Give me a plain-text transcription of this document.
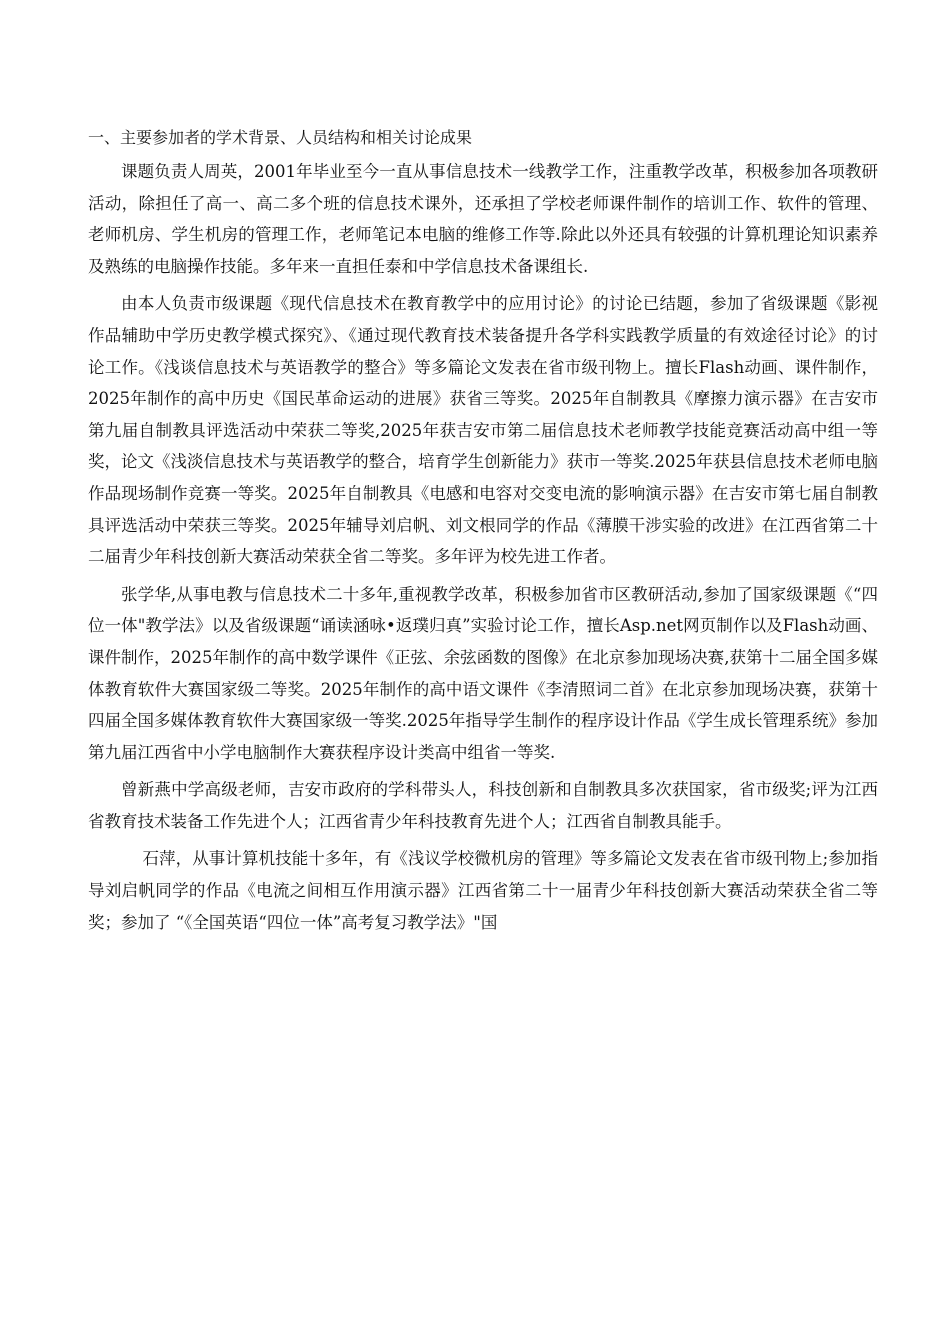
一、主要参加者的学术背景、人员结构和相关讨论成果

课题负责人周英，2001年毕业至今一直从事信息技术一线教学工作，注重教学改革，积极参加各项教研活动，除担任了高一、高二多个班的信息技术课外，还承担了学校老师课件制作的培训工作、软件的管理、老师机房、学生机房的管理工作，老师笔记本电脑的维修工作等.除此以外还具有较强的计算机理论知识素养及熟练的电脑操作技能。多年来一直担任泰和中学信息技术备课组长.

由本人负责市级课题《现代信息技术在教育教学中的应用讨论》的讨论已结题，参加了省级课题《影视作品辅助中学历史教学模式探究》、《通过现代教育技术装备提升各学科实践教学质量的有效途径讨论》的讨论工作。《浅谈信息技术与英语教学的整合》等多篇论文发表在省市级刊物上。擅长Flash动画、课件制作，2025年制作的高中历史《国民革命运动的进展》获省三等奖。2025年自制教具《摩擦力演示器》在吉安市第九届自制教具评选活动中荣获二等奖,2025年获吉安市第二届信息技术老师教学技能竞赛活动高中组一等奖，论文《浅淡信息技术与英语教学的整合，培育学生创新能力》获市一等奖.2025年获县信息技术老师电脑作品现场制作竞赛一等奖。2025年自制教具《电感和电容对交变电流的影响演示器》在吉安市第七届自制教具评选活动中荣获三等奖。2025年辅导刘启帆、刘文根同学的作品《薄膜干涉实验的改进》在江西省第二十二届青少年科技创新大赛活动荣获全省二等奖。多年评为校先进工作者。

张学华,从事电教与信息技术二十多年,重视教学改革，积极参加省市区教研活动,参加了国家级课题《“四位一体"教学法》以及省级课题“诵读涵咏•返璞归真”实验讨论工作，擅长Asp.net网页制作以及Flash动画、课件制作，2025年制作的高中数学课件《正弦、余弦函数的图像》在北京参加现场决赛,获第十二届全国多媒体教育软件大赛国家级二等奖。2025年制作的高中语文课件《李清照词二首》在北京参加现场决赛，获第十四届全国多媒体教育软件大赛国家级一等奖.2025年指导学生制作的程序设计作品《学生成长管理系统》参加第九届江西省中小学电脑制作大赛获程序设计类高中组省一等奖.

曾新燕中学高级老师，吉安市政府的学科带头人，科技创新和自制教具多次获国家，省市级奖;评为江西省教育技术装备工作先进个人；江西省青少年科技教育先进个人；江西省自制教具能手。

石萍，从事计算机技能十多年，有《浅议学校微机房的管理》等多篇论文发表在省市级刊物上;参加指导刘启帆同学的作品《电流之间相互作用演示器》江西省第二十一届青少年科技创新大赛活动荣获全省二等奖；参加了 “《全国英语“四位一体”高考复习教学法》"国
